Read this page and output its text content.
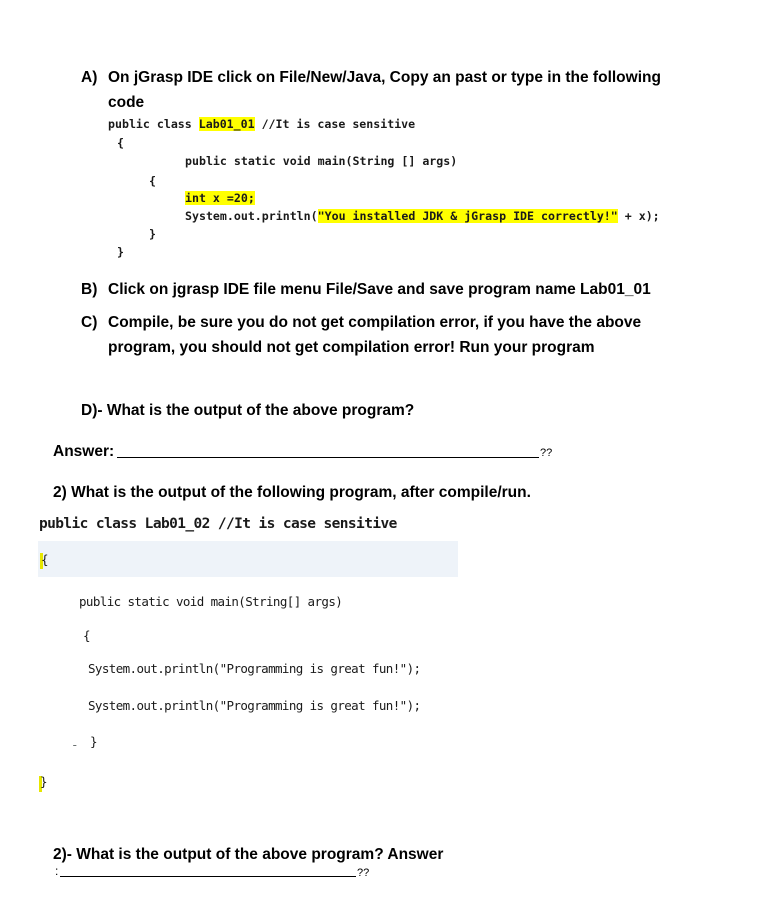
A) On jGrasp IDE click on File/New/Java, Copy an past or type in the following
code
public class Lab01_01 //It is case sensitive
{
public static void main(String [] args)
{
int x =20;
System.out.println("You installed JDK & jGrasp IDE correctly!" + x);
}
}
B) Click on jgrasp IDE file menu File/Save and save program name Lab01_01
C) Compile, be sure you do not get compilation error, if you have the above
program, you should not get compilation error! Run your program
D)- What is the output of the above program?
Answer:	??
2) What is the output of the following program, after compile/run.
public class Lab01_02 //It is case sensitive
{
public static void main(String[] args)
{
System.out.println("Programming is great fun!");
System.out.println("Programming is great fun!");
- }
}
2)- What is the output of the above program? Answer
:	??
